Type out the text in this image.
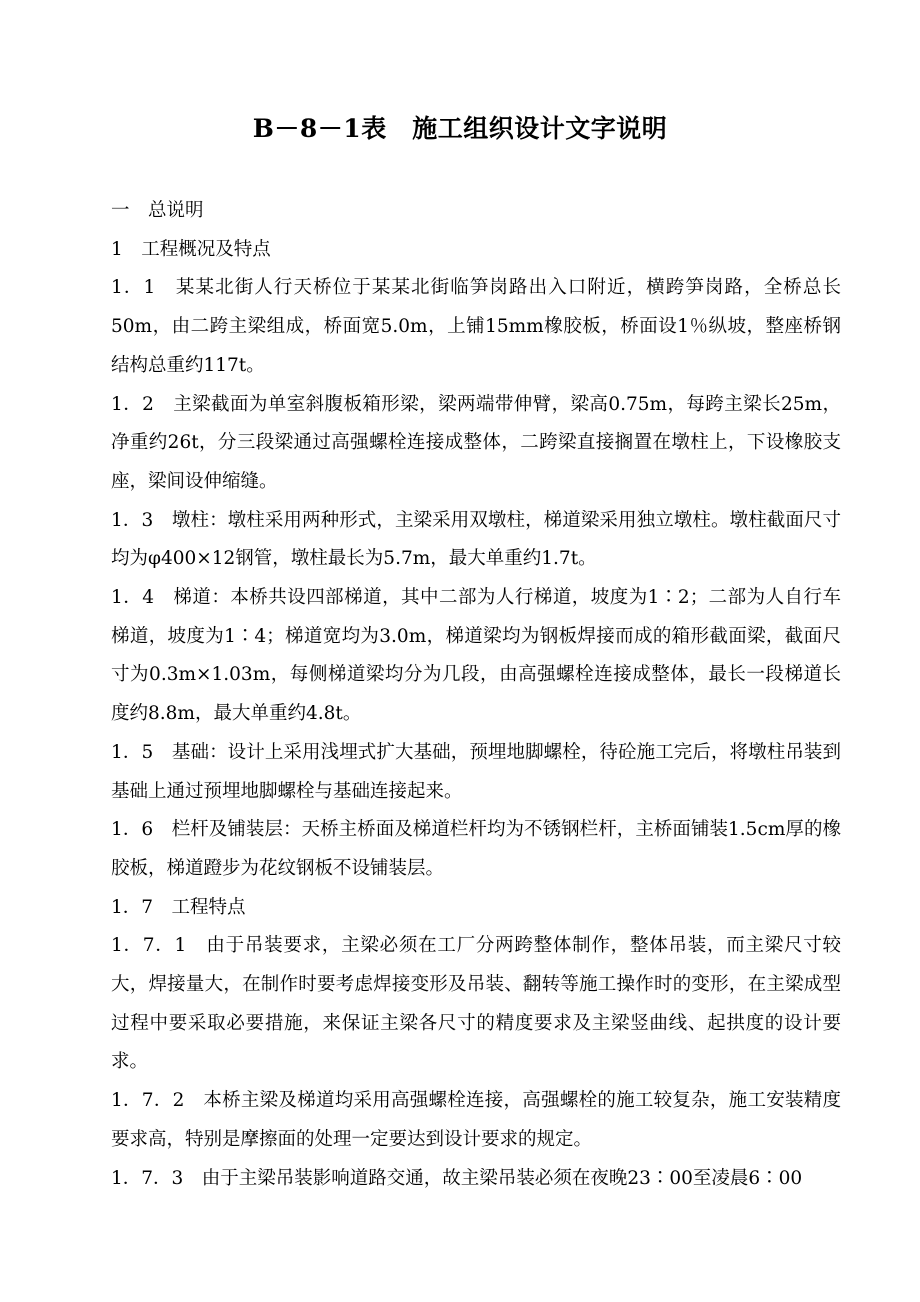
B－8－1表　施工组织设计文字说明

一　总说明

1　工程概况及特点

1．1　某某北街人行天桥位于某某北街临笋岗路出入口附近，横跨笋岗路，全桥总长50m，由二跨主梁组成，桥面宽5.0m，上铺15mm橡胶板，桥面设1％纵坡，整座桥钢结构总重约117t。

1．2　主梁截面为单室斜腹板箱形梁，梁两端带伸臂，梁高0.75m，每跨主梁长25m，净重约26t，分三段梁通过高强螺栓连接成整体，二跨梁直接搁置在墩柱上，下设橡胶支座，梁间设伸缩缝。

1．3　墩柱：墩柱采用两种形式，主梁采用双墩柱，梯道梁采用独立墩柱。墩柱截面尺寸均为φ400×12钢管，墩柱最长为5.7m，最大单重约1.7t。

1．4　梯道：本桥共设四部梯道，其中二部为人行梯道，坡度为1∶2；二部为人自行车梯道，坡度为1∶4；梯道宽均为3.0m，梯道梁均为钢板焊接而成的箱形截面梁，截面尺寸为0.3m×1.03m，每侧梯道梁均分为几段，由高强螺栓连接成整体，最长一段梯道长度约8.8m，最大单重约4.8t。

1．5　基础：设计上采用浅埋式扩大基础，预埋地脚螺栓，待砼施工完后，将墩柱吊装到基础上通过预埋地脚螺栓与基础连接起来。

1．6　栏杆及铺装层：天桥主桥面及梯道栏杆均为不锈钢栏杆，主桥面铺装1.5cm厚的橡胶板，梯道蹬步为花纹钢板不设铺装层。

1．7　工程特点

1．7．1　由于吊装要求，主梁必须在工厂分两跨整体制作，整体吊装，而主梁尺寸较大，焊接量大，在制作时要考虑焊接变形及吊装、翻转等施工操作时的变形，在主梁成型过程中要采取必要措施，来保证主梁各尺寸的精度要求及主梁竖曲线、起拱度的设计要求。

1．7．2　本桥主梁及梯道均采用高强螺栓连接，高强螺栓的施工较复杂，施工安装精度要求高，特别是摩擦面的处理一定要达到设计要求的规定。

1．7．3　由于主梁吊装影响道路交通，故主梁吊装必须在夜晚23∶00至凌晨6∶00
